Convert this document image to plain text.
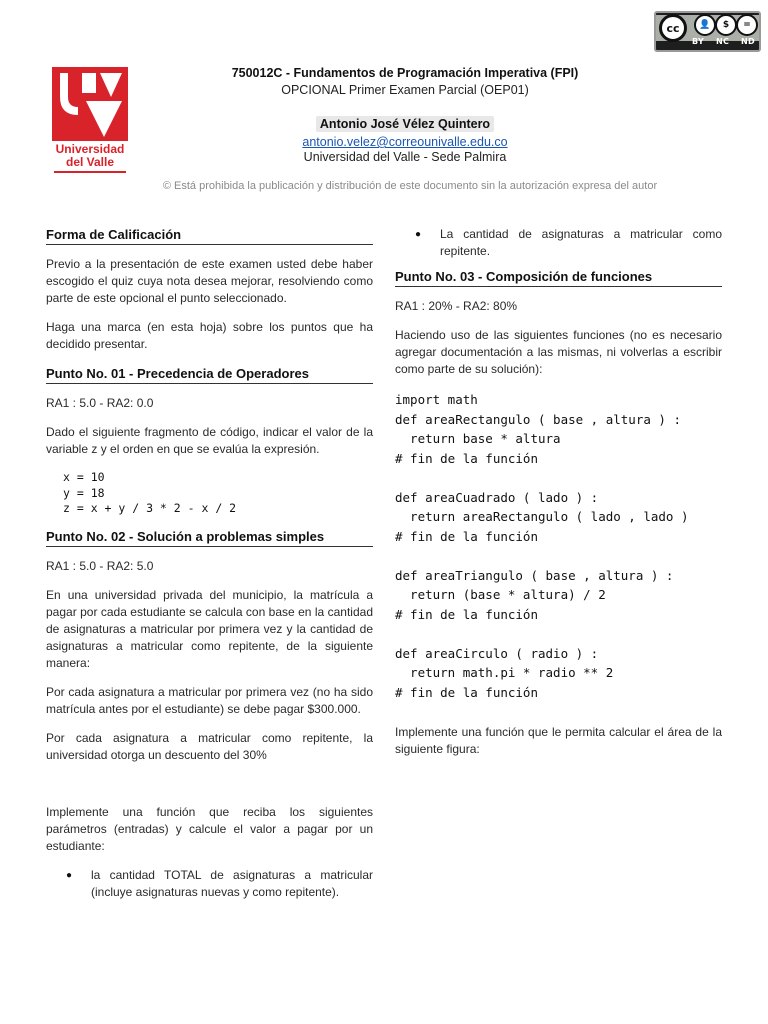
cc	👤	$	=
BY NC ND
Universidad
del Valle
750012C - Fundamentos de Programación Imperativa (FPI)
OPCIONAL Primer Examen Parcial (OEP01)
Antonio José Vélez Quintero
antonio.velez@correounivalle.edu.co
Universidad del Valle - Sede Palmira
© Está prohibida la publicación y distribución de este documento sin la autorización expresa del autor
Forma de Calificación

Previo a la presentación de este examen usted debe haber escogido el quiz cuya nota desea mejorar, resolviendo como parte de este opcional el punto seleccionado.

Haga una marca (en esta hoja) sobre los puntos que ha decidido presentar.

Punto No. 01 - Precedencia de Operadores

RA1 : 5.0 - RA2: 0.0

Dado el siguiente fragmento de código, indicar el valor de la variable z y el orden en que se evalúa la expresión.

x = 10
y = 18
z = x + y / 3 * 2 - x / 2
Punto No. 02 - Solución a problemas simples

RA1 : 5.0 - RA2: 5.0

En una universidad privada del municipio, la matrícula a pagar por cada estudiante se calcula con base en la cantidad de asignaturas a matricular por primera vez y la cantidad de asignaturas a matricular como repitente, de la siguiente manera:

Por cada asignatura a matricular por primera vez (no ha sido matrícula antes por el estudiante) se debe pagar $300.000.

Por cada asignatura a matricular como repitente, la universidad otorga un descuento del 30%

Implemente una función que reciba los siguientes parámetros (entradas) y calcule el valor a pagar por un estudiante:

● la cantidad TOTAL de asignaturas a matricular (incluye asignaturas nuevas y como repitente).
● La cantidad de asignaturas a matricular como repitente.
Punto No. 03 - Composición de funciones

RA1 : 20% - RA2: 80%

Haciendo uso de las siguientes funciones (no es necesario agregar documentación a las mismas, ni volverlas a escribir como parte de su solución):

import math
def areaRectangulo ( base , altura ) :
return base * altura
# fin de la función

def areaCuadrado ( lado ) :
return areaRectangulo ( lado , lado )
# fin de la función

def areaTriangulo ( base , altura ) :
return (base * altura) / 2
# fin de la función

def areaCirculo ( radio ) :
return math.pi * radio ** 2
# fin de la función

Implemente una función que le permita calcular el área de la siguiente figura:
